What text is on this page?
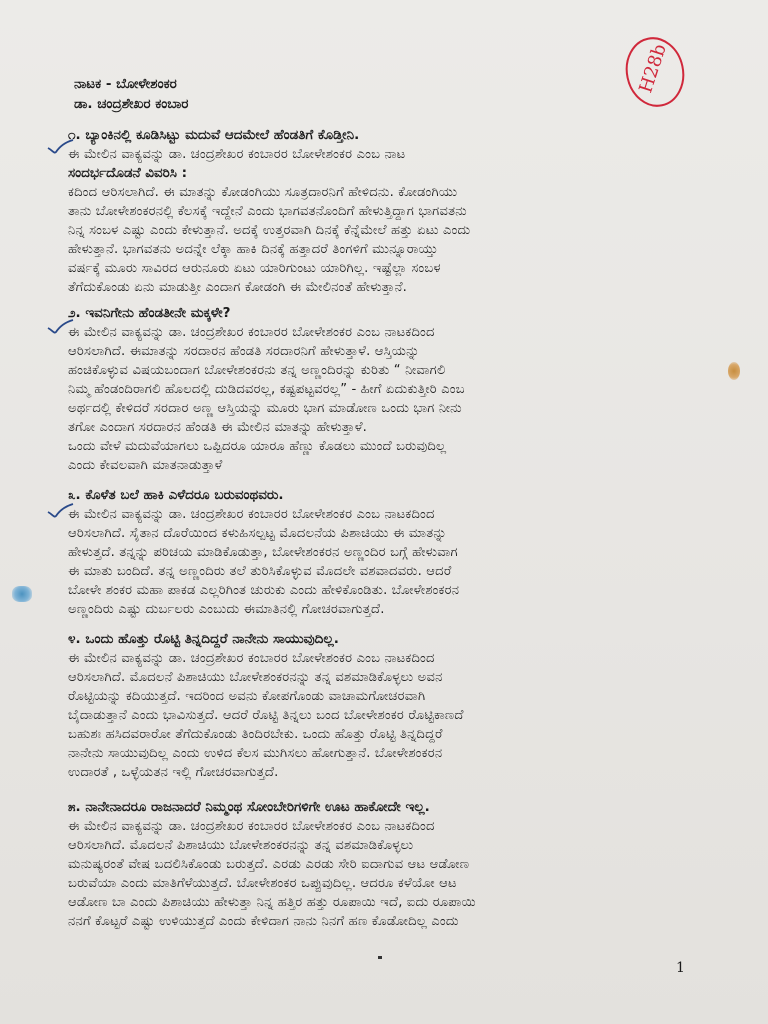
ನಾಟಕ - ಬೋಳೇಶಂಕರ
ಡಾ. ಚಂದ್ರಶೇಖರ ಕಂಬಾರ
H28b
೧. ಬ್ಯಾಂಕಿನಲ್ಲಿ ಕೂಡಿಸಿಟ್ಟು ಮದುವೆ ಆದಮೇಲೆ ಹೆಂಡತಿಗೆ ಕೊಡ್ತೀನಿ.
ಈ ಮೇಲಿನ ವಾಕ್ಯವನ್ನು ಡಾ. ಚಂದ್ರಶೇಖರ ಕಂಬಾರರ ಬೋಳೇಶಂಕರ ಎಂಬ ನಾಟ
ಸಂದರ್ಭದೊಡನೆ ವಿವರಿಸಿ :
ಕದಿಂದ ಆರಿಸಲಾಗಿದೆ. ಈ ಮಾತನ್ನು ಕೋಡಂಗಿಯು ಸೂತ್ರದಾರನಿಗೆ ಹೇಳಿದನು. ಕೋಡಂಗಿಯು
ತಾನು ಬೋಳೇಶಂಕರನಲ್ಲಿ ಕೆಲಸಕ್ಕೆ ಇದ್ದೇನೆ ಎಂದು ಭಾಗವತನೊಂದಿಗೆ ಹೇಳುತ್ತಿದ್ದಾಗ ಭಾಗವತನು
ನಿನ್ನ ಸಂಬಳ ಎಷ್ಟು ಎಂದು ಕೇಳುತ್ತಾನೆ. ಅದಕ್ಕೆ ಉತ್ತರವಾಗಿ ದಿನಕ್ಕೆ ಕೆನ್ನೆಮೇಲೆ ಹತ್ತು ಏಟು ಎಂದು
ಹೇಳುತ್ತಾನೆ. ಭಾಗವತನು ಅದನ್ನೇ ಲೆಕ್ಕಾ ಹಾಕಿ ದಿನಕ್ಕೆ ಹತ್ತಾದರೆ ತಿಂಗಳಿಗೆ ಮುನ್ನೂರಾಯ್ತು
ವರ್ಷಕ್ಕೆ ಮೂರು ಸಾವಿರದ ಆರುನೂರು ಏಟು ಯಾರಿಗುಂಟು ಯಾರಿಗಿಲ್ಲ. ಇಷ್ಟೆಲ್ಲಾ ಸಂಬಳ
ತೆಗೆದುಕೊಂಡು ಏನು ಮಾಡುತ್ತೀ ಎಂದಾಗ ಕೋಡಂಗಿ ಈ ಮೇಲಿನಂತೆ ಹೇಳುತ್ತಾನೆ.
೨. ಇವನಿಗೇನು ಹೆಂಡತೀನೇ ಮಕ್ಕಳೇ?
ಈ ಮೇಲಿನ ವಾಕ್ಯವನ್ನು ಡಾ. ಚಂದ್ರಶೇಖರ ಕಂಬಾರರ ಬೋಳೇಶಂಕರ ಎಂಬ ನಾಟಕದಿಂದ
ಆರಿಸಲಾಗಿದೆ. ಈಮಾತನ್ನು ಸರದಾರನ ಹೆಂಡತಿ ಸರದಾರನಿಗೆ ಹೇಳುತ್ತಾಳೆ. ಆಸ್ತಿಯನ್ನು
ಹಂಚಿಕೊಳ್ಳುವ ವಿಷಯಬಂದಾಗ ಬೋಳೇಶಂಕರನು ತನ್ನ ಅಣ್ಣಂದಿರನ್ನು ಕುರಿತು “ ನೀವಾಗಲಿ
ನಿಮ್ಮ ಹೆಂಡಂದಿರಾಗಲಿ ಹೊಲದಲ್ಲಿ ದುಡಿದವರಲ್ಲ, ಕಷ್ಟಪಟ್ಟವರಲ್ಲ” - ಹೀಗೆ ಏದುಕುತ್ತೀರಿ ಎಂಬ
ಅರ್ಥದಲ್ಲಿ ಕೇಳಿದರೆ ಸರದಾರ ಅಣ್ಣ ಆಸ್ತಿಯನ್ನು ಮೂರು ಭಾಗ ಮಾಡೋಣ ಒಂದು ಭಾಗ ನೀನು
ತಗೋ ಎಂದಾಗ ಸರದಾರನ ಹೆಂಡತಿ ಈ ಮೇಲಿನ ಮಾತನ್ನು ಹೇಳುತ್ತಾಳೆ.
ಒಂದು ವೇಳೆ ಮದುವೆಯಾಗಲು ಒಪ್ಪಿದರೂ ಯಾರೂ ಹೆಣ್ಣು ಕೊಡಲು ಮುಂದೆ ಬರುವುದಿಲ್ಲ
ಎಂದು ಕೇವಲವಾಗಿ ಮಾತನಾಡುತ್ತಾಳೆ
೩. ಕೊಳೆತ ಬಲೆ ಹಾಕಿ ಎಳೆದರೂ ಬರುವಂಥವರು.
ಈ ಮೇಲಿನ ವಾಕ್ಯವನ್ನು ಡಾ. ಚಂದ್ರಶೇಖರ ಕಂಬಾರರ ಬೋಳೇಶಂಕರ ಎಂಬ ನಾಟಕದಿಂದ
ಆರಿಸಲಾಗಿದೆ. ಸೈತಾನ ದೊರೆಯಿಂದ ಕಳುಹಿಸಲ್ಪಟ್ಟ ಮೊದಲನೆಯ ಪಿಶಾಚಿಯು ಈ ಮಾತನ್ನು
ಹೇಳುತ್ತದೆ. ತನ್ನನ್ನು ಪರಿಚಯ ಮಾಡಿಕೊಡುತ್ತಾ, ಬೋಳೇಶಂಕರನ ಅಣ್ಣಂದಿರ ಬಗ್ಗೆ ಹೇಳುವಾಗ
ಈ ಮಾತು ಬಂದಿದೆ. ತನ್ನ ಅಣ್ಣಂದಿರು ತಲೆ ತುರಿಸಿಕೊಳ್ಳುವ ಮೊದಲೇ ವಶವಾದವರು. ಆದರೆ
ಬೋಳೇ ಶಂಕರ ಮಹಾ ಪಾಕಡ ಎಲ್ಲರಿಗಿಂತ ಚುರುಕು ಎಂದು ಹೇಳಿಕೊಂಡಿತು. ಬೋಳೇಶಂಕರನ
ಅಣ್ಣಂದಿರು ಎಷ್ಟು ದುರ್ಬಲರು ಎಂಬುದು ಈಮಾತಿನಲ್ಲಿ ಗೋಚರವಾಗುತ್ತದೆ.
೪. ಒಂದು ಹೊತ್ತು ರೊಟ್ಟಿ ತಿನ್ನದಿದ್ದರೆ ನಾನೇನು ಸಾಯುವುದಿಲ್ಲ.
ಈ ಮೇಲಿನ ವಾಕ್ಯವನ್ನು ಡಾ. ಚಂದ್ರಶೇಖರ ಕಂಬಾರರ ಬೋಳೇಶಂಕರ ಎಂಬ ನಾಟಕದಿಂದ
ಆರಿಸಲಾಗಿದೆ. ಮೊದಲನೆ ಪಿಶಾಚಿಯು ಬೋಳೇಶಂಕರನನ್ನು ತನ್ನ ವಶಮಾಡಿಕೊಳ್ಳಲು ಅವನ
ರೊಟ್ಟಿಯನ್ನು ಕದಿಯುತ್ತದೆ. ಇದರಿಂದ ಅವನು ಕೋಪಗೊಂಡು ವಾಚಾಮಗೋಚರವಾಗಿ
ಬೈದಾಡುತ್ತಾನೆ ಎಂದು ಭಾವಿಸುತ್ತದೆ. ಆದರೆ ರೊಟ್ಟಿ ತಿನ್ನಲು ಬಂದ ಬೋಳೇಶಂಕರ ರೊಟ್ಟಿಕಾಣದೆ
ಬಹುಶಃ ಹಸಿದವರಾರೋ ತೆಗೆದುಕೊಂಡು ತಿಂದಿರಬೇಕು. ಒಂದು ಹೊತ್ತು ರೊಟ್ಟಿ ತಿನ್ನದಿದ್ದರೆ
ನಾನೇನು ಸಾಯುವುದಿಲ್ಲ ಎಂದು ಉಳಿದ ಕೆಲಸ ಮುಗಿಸಲು ಹೋಗುತ್ತಾನೆ. ಬೋಳೇಶಂಕರನ
ಉದಾರತೆ , ಒಳ್ಳೆಯತನ ಇಲ್ಲಿ ಗೋಚರವಾಗುತ್ತದೆ.
೫. ನಾನೇನಾದರೂ ರಾಜನಾದರೆ ನಿಮ್ಮಂಥ ಸೋಂಬೇರಿಗಳಿಗೇ ಊಟ ಹಾಕೋದೇ ಇಲ್ಲ.
ಈ ಮೇಲಿನ ವಾಕ್ಯವನ್ನು ಡಾ. ಚಂದ್ರಶೇಖರ ಕಂಬಾರರ ಬೋಳೇಶಂಕರ ಎಂಬ ನಾಟಕದಿಂದ
ಆರಿಸಲಾಗಿದೆ. ಮೊದಲನೆ ಪಿಶಾಚಿಯು ಬೋಳೇಶಂಕರನನ್ನು ತನ್ನ ವಶಮಾಡಿಕೊಳ್ಳಲು
ಮನುಷ್ಯರಂತೆ ವೇಷ ಬದಲಿಸಿಕೊಂಡು ಬರುತ್ತದೆ. ಎರಡು ಎರಡು ಸೇರಿ ಐದಾಗುವ ಆಟ ಆಡೋಣ
ಬರುವೆಯಾ ಎಂದು ಮಾತಿಗೆಳೆಯುತ್ತದೆ. ಬೋಳೇಶಂಕರ ಒಪ್ಪುವುದಿಲ್ಲ. ಆದರೂ ಕಳೆಯೋ ಆಟ
ಆಡೋಣ ಬಾ ಎಂದು ಪಿಶಾಚಿಯು ಹೇಳುತ್ತಾ ನಿನ್ನ ಹತ್ತಿರ ಹತ್ತು ರೂಪಾಯಿ ಇದೆ, ಐದು ರೂಪಾಯಿ
ನನಗೆ ಕೊಟ್ಟರೆ ಎಷ್ಟು ಉಳಿಯುತ್ತದೆ ಎಂದು ಕೇಳಿದಾಗ ನಾನು ನಿನಗೆ ಹಣ ಕೊಡೋದಿಲ್ಲ ಎಂದು
1
